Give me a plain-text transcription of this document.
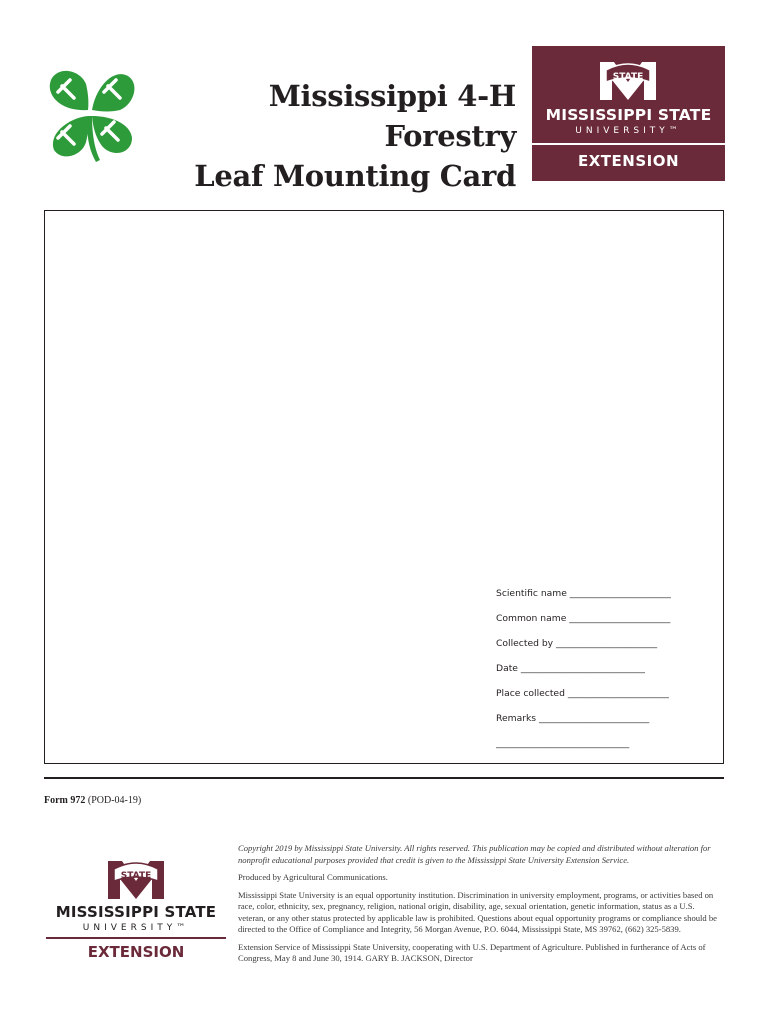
Mississippi 4-H Forestry
Leaf Mounting Card
STATE
MISSISSIPPI STATE
UNIVERSITY™
EXTENSION
Scientific name ______________________
Common name ______________________
Collected by ______________________
Date ___________________________
Place collected ______________________
Remarks ________________________
_____________________________
Form 972 (POD-04-19)
STATE
MISSISSIPPI STATE
UNIVERSITY™
EXTENSION

Copyright 2019 by Mississippi State University. All rights reserved. This publication may be copied and distributed without alteration for nonprofit educational purposes provided that credit is given to the Mississippi State University Extension Service.

Produced by Agricultural Communications.

Mississippi State University is an equal opportunity institution. Discrimination in university employment, programs, or activities based on race, color, ethnicity, sex, pregnancy, religion, national origin, disability, age, sexual orientation, genetic information, status as a U.S. veteran, or any other status protected by applicable law is prohibited. Questions about equal opportunity programs or compliance should be directed to the Office of Compliance and Integrity, 56 Morgan Avenue, P.O. 6044, Mississippi State, MS 39762, (662) 325-5839.

Extension Service of Mississippi State University, cooperating with U.S. Department of Agriculture. Published in furtherance of Acts of Congress, May 8 and June 30, 1914. GARY B. JACKSON, Director
